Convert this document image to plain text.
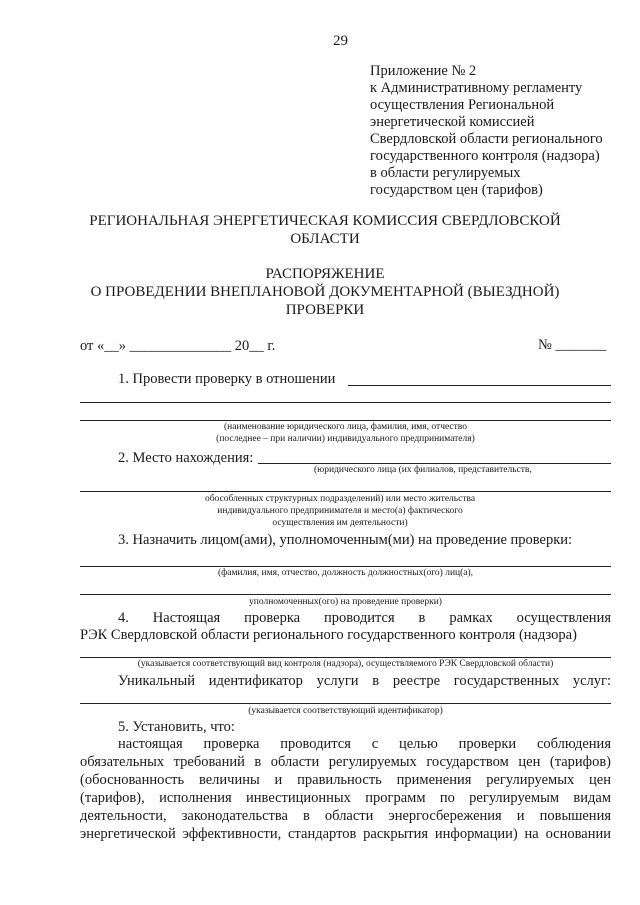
29
Приложение № 2
к Административному регламенту
осуществления Региональной
энергетической комиссией
Свердловской области регионального
государственного контроля (надзора)
в области регулируемых
государством цен (тарифов)
РЕГИОНАЛЬНАЯ ЭНЕРГЕТИЧЕСКАЯ КОМИССИЯ СВЕРДЛОВСКОЙ
ОБЛАСТИ
РАСПОРЯЖЕНИЕ
О ПРОВЕДЕНИИ ВНЕПЛАНОВОЙ ДОКУМЕНТАРНОЙ (ВЫЕЗДНОЙ)
ПРОВЕРКИ
от «__» ______________ 20__ г.	№ _______
1. Провести проверку в отношении
(наименование юридического лица, фамилия, имя, отчество
(последнее – при наличии) индивидуального предпринимателя)
2. Место нахождения:
(юридического лица (их филиалов, представительств,
обособленных структурных подразделений) или место жительства
индивидуального предпринимателя и место(а) фактического
осуществления им деятельности)
3. Назначить лицом(ами), уполномоченным(ми) на проведение проверки:
(фамилия, имя, отчество, должность должностных(ого) лиц(а),
уполномоченных(ого) на проведение проверки)
4. Настоящая проверка проводится в рамках осуществления
РЭК Свердловской области регионального государственного контроля (надзора)
(указывается соответствующий вид контроля (надзора), осуществляемого РЭК Свердловской области)
Уникальный идентификатор услуги в реестре государственных услуг:
(указывается соответствующий идентификатор)
5. Установить, что:
настоящая проверка проводится с целью проверки соблюдения
обязательных требований в области регулируемых государством цен (тарифов)
(обоснованность величины и правильность применения регулируемых цен
(тарифов), исполнения инвестиционных программ по регулируемым видам
деятельности, законодательства в области энергосбережения и повышения
энергетической эффективности, стандартов раскрытия информации) на основании
